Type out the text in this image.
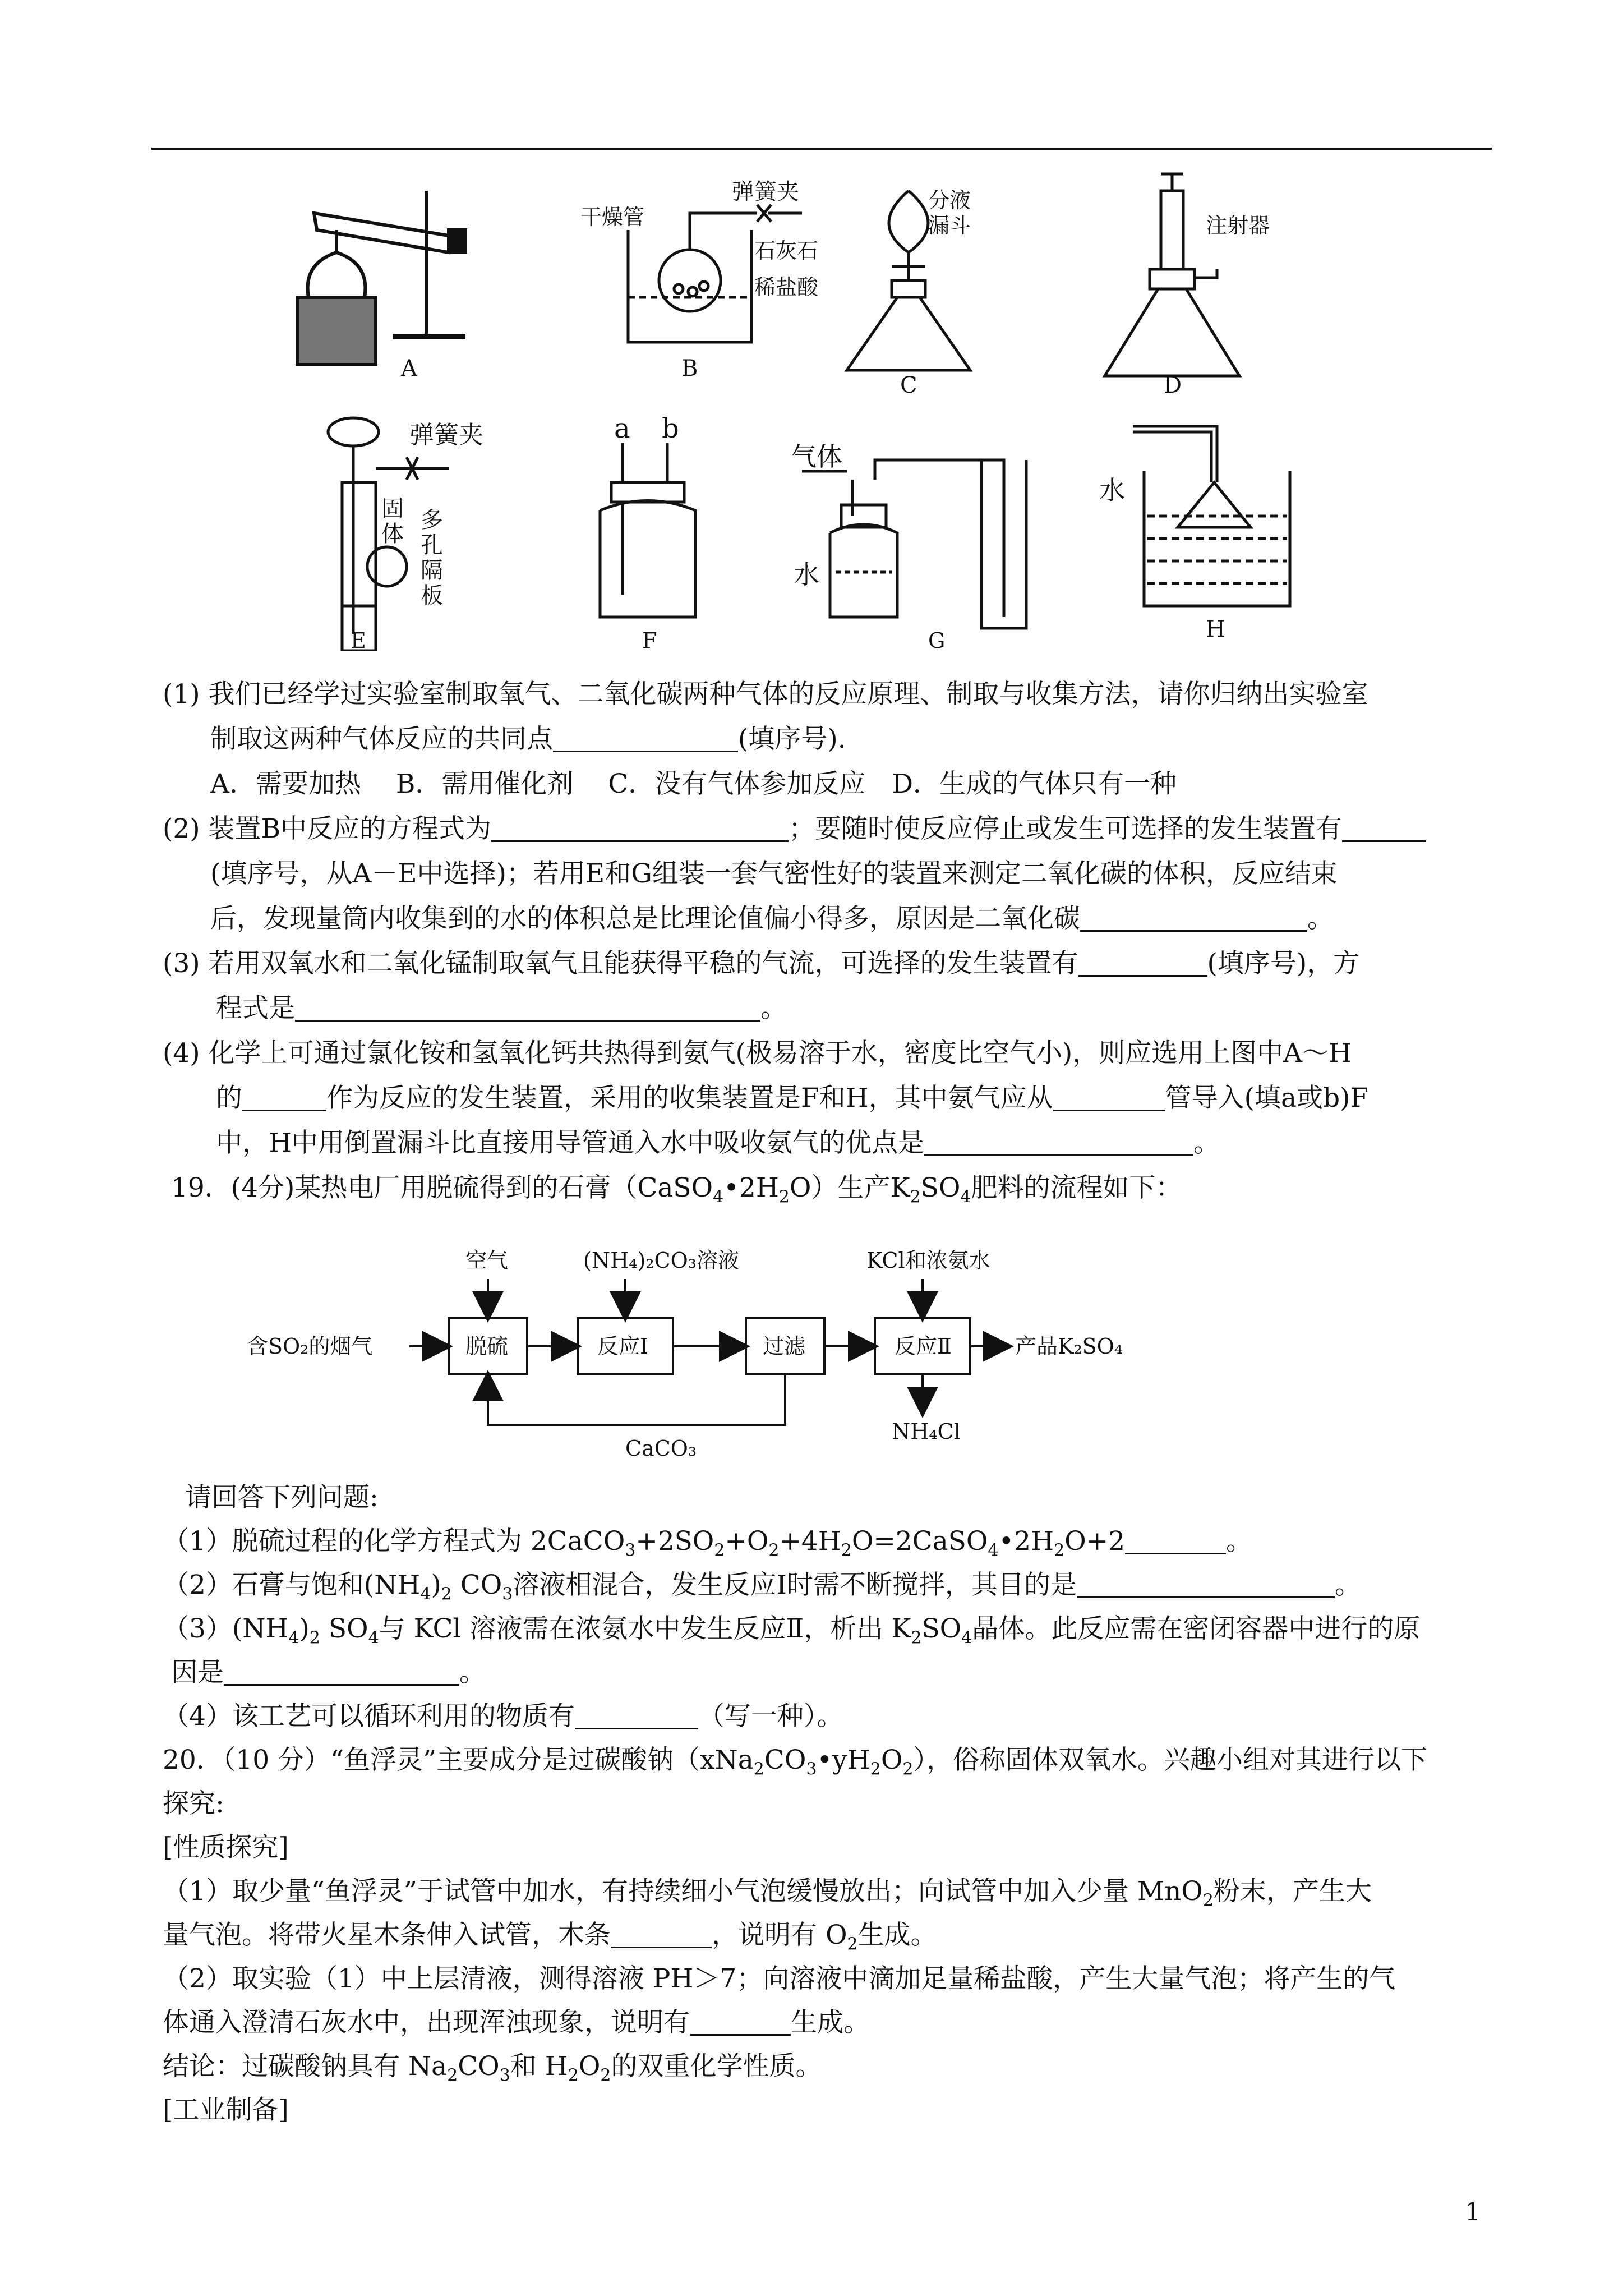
A
干燥管
弹簧夹
石灰石
稀盐酸
B
分液
漏斗
C
注射器
D
弹簧夹
固
体
多
孔
隔
板
E
a b
F
气体
水
G
水
H
(1) 我们已经学过实验室制取氧气、二氧化碳两种气体的反应原理、制取与收集方法，请你归纳出实验室
制取这两种气体反应的共同点	(填序号).
A．需要加热　 B．需用催化剂　 C．没有气体参加反应　D．生成的气体只有一种
(2) 装置B中反应的方程式为	；要随时使反应停止或发生可选择的发生装置有
(填序号，从A－E中选择)；若用E和G组装一套气密性好的装置来测定二氧化碳的体积，反应结束
后，发现量筒内收集到的水的体积总是比理论值偏小得多，原因是二氧化碳	。
(3) 若用双氧水和二氧化锰制取氧气且能获得平稳的气流，可选择的发生装置有	(填序号)，方
程式是	。
(4) 化学上可通过氯化铵和氢氧化钙共热得到氨气(极易溶于水，密度比空气小)，则应选用上图中A～H
的	作为反应的发生装置，采用的收集装置是F和H，其中氨气应从	管导入(填a或b)F
中，H中用倒置漏斗比直接用导管通入水中吸收氨气的优点是	。
19．(4分)某热电厂用脱硫得到的石膏$(CaSO_4•2H_2O)$生产$K_2SO_4$肥料的流程如下：
空气	(NH₄)₂CO₃溶液	KCl和浓氨水
含SO₂的烟气	脱硫	反应Ⅰ	过滤	反应Ⅱ	产品K₂SO₄
NH₄Cl
CaCO₃
请回答下列问题:
（1）脱硫过程的化学方程式为 $2CaCO_3+2SO_2+O_2+4H_2O=2CaSO_4•2H_2O+2$	。
（2）石膏与饱和$(NH_4)_2$ $CO_3$溶液相混合，发生反应Ⅰ时需不断搅拌，其目的是	。
$(3)(NH_4)_2$ $SO_4$与 KCl 溶液需在浓氨水中发生反应Ⅱ，析出 $K_2SO_4$晶体。此反应需在密闭容器中进行的原
因是	。
（4）该工艺可以循环利用的物质有	（写一种）。
20．（10 分）“鱼浮灵”主要成分是过碳酸钠$(xNa_2CO_3•yH_2O_2)$，俗称固体双氧水。兴趣小组对其进行以下
探究:
[性质探究]
（1）取少量“鱼浮灵”于试管中加水，有持续细小气泡缓慢放出；向试管中加入少量 MnO$_2$粉末，产生大
量气泡。将带火星木条伸入试管，木条	，说明有 $O_2$生成。
（2）取实验（1）中上层清液，测得溶液 PH＞7；向溶液中滴加足量稀盐酸，产生大量气泡；将产生的气
体通入澄清石灰水中，出现浑浊现象，说明有	生成。
结论：过碳酸钠具有 $Na_2CO_3$和 $H_2O_2$的双重化学性质。
[工业制备]
1
